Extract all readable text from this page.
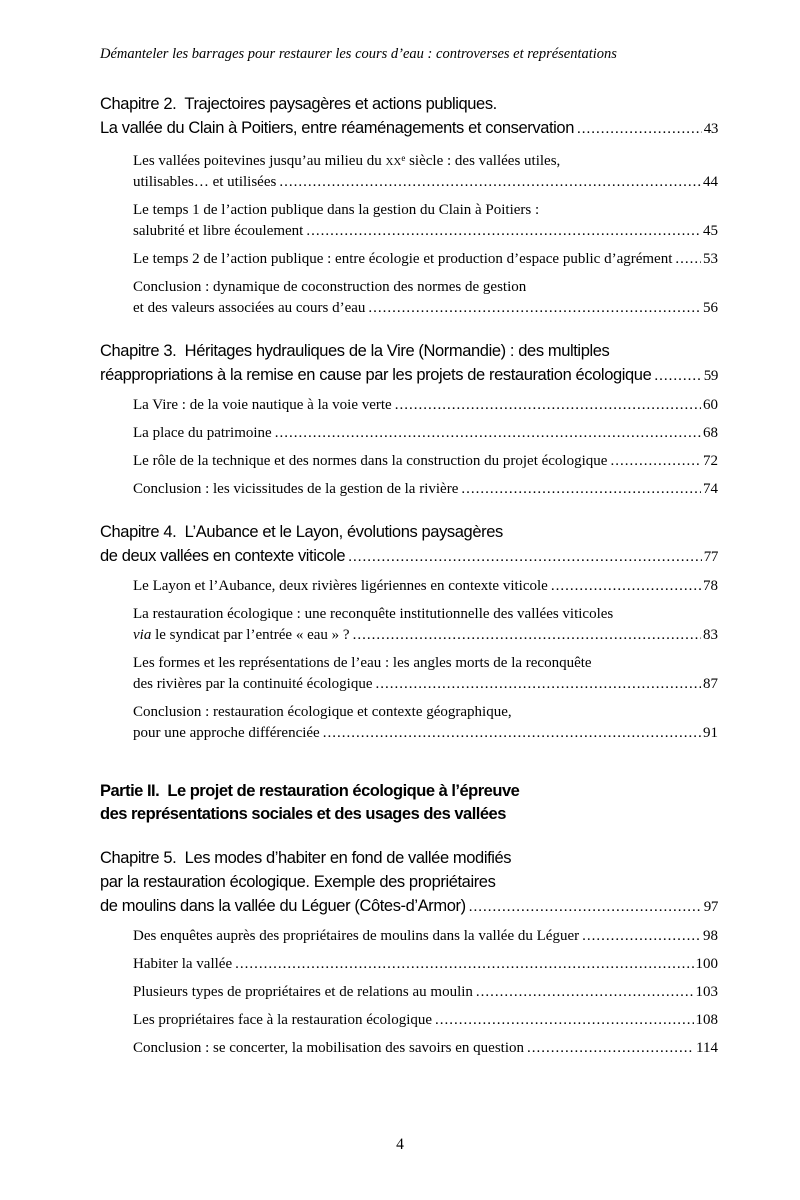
Démanteler les barrages pour restaurer les cours d’eau : controverses et représentations
Chapitre 2.  Trajectoires paysagères et actions publiques.
La vallée du Clain à Poitiers, entre réaménagements et conservation .....	43
Les vallées poitevines jusqu’au milieu du $xx^e$ siècle : des vallées utiles,
utilisables… et utilisées .....	44
Le temps 1 de l’action publique dans la gestion du Clain à Poitiers :
salubrité et libre écoulement .....	45
Le temps 2 de l’action publique : entre écologie et production d’espace public d’agrément ..... 53
Conclusion : dynamique de coconstruction des normes de gestion
et des valeurs associées au cours d’eau .....	56
Chapitre 3.  Héritages hydrauliques de la Vire (Normandie) : des multiples
réappropriations à la remise en cause par les projets de restauration écologique .....	59
La Vire : de la voie nautique à la voie verte .....	60
La place du patrimoine .....	68
Le rôle de la technique et des normes dans la construction du projet écologique .....	72
Conclusion : les vicissitudes de la gestion de la rivière .....	74
Chapitre 4.  L’Aubance et le Layon, évolutions paysagères
de deux vallées en contexte viticole .....	77
Le Layon et l’Aubance, deux rivières ligériennes en contexte viticole .....	78
La restauration écologique : une reconquête institutionnelle des vallées viticoles
via le syndicat par l’entrée « eau » ? .....	83
Les formes et les représentations de l’eau : les angles morts de la reconquête
des rivières par la continuité écologique .....	87
Conclusion : restauration écologique et contexte géographique,
pour une approche différenciée .....	91
Partie II.  Le projet de restauration écologique à l’épreuve
des représentations sociales et des usages des vallées
Chapitre 5.  Les modes d’habiter en fond de vallée modifiés
par la restauration écologique. Exemple des propriétaires
de moulins dans la vallée du Léguer (Côtes-d’Armor) .....	97
Des enquêtes auprès des propriétaires de moulins dans la vallée du Léguer .....	98
Habiter la vallée .....	100
Plusieurs types de propriétaires et de relations au moulin .....	103
Les propriétaires face à la restauration écologique .....	108
Conclusion : se concerter, la mobilisation des savoirs en question .....	114
4
